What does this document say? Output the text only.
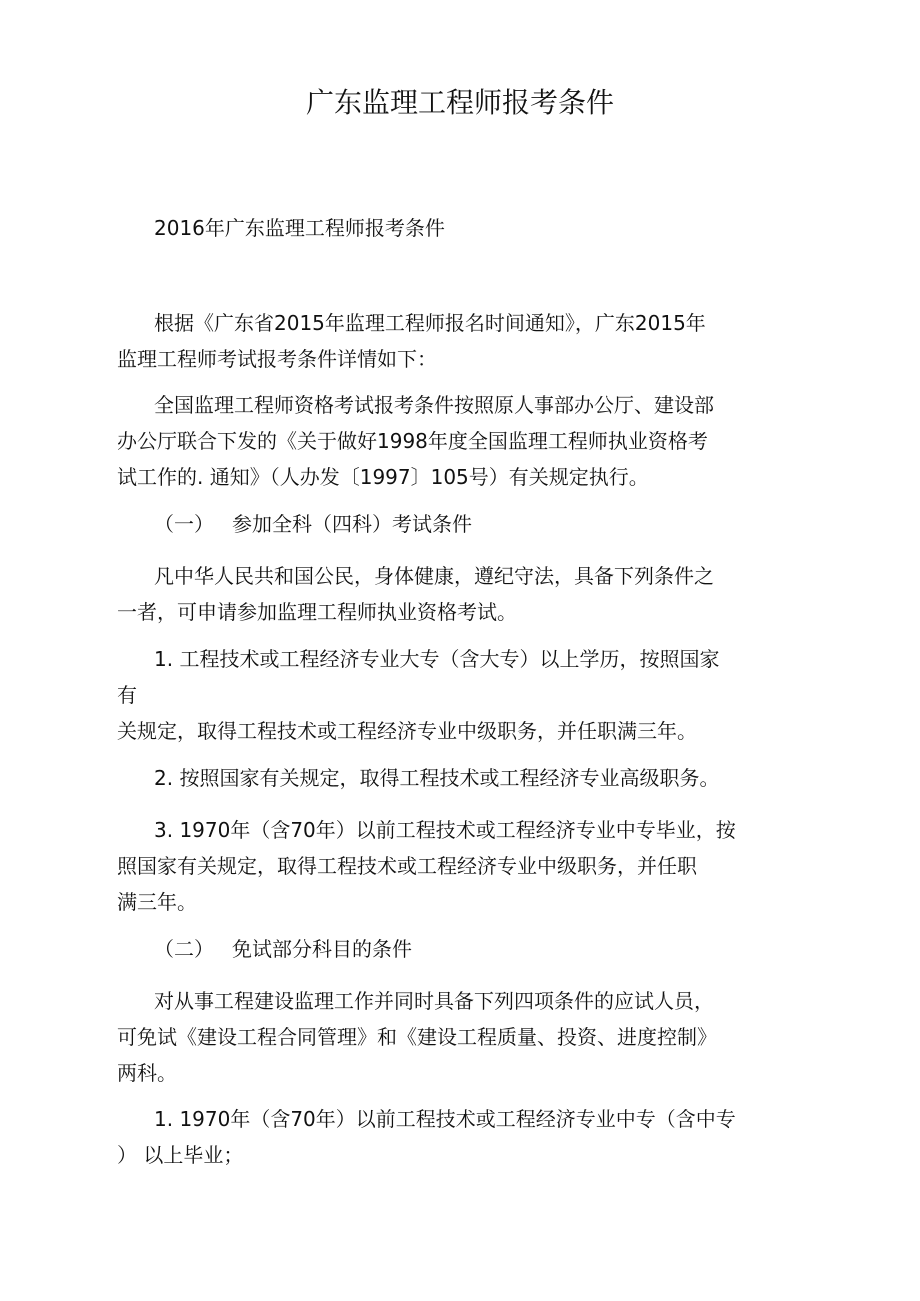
广东监理工程师报考条件
2016年广东监理工程师报考条件
根据《广东省2015年监理工程师报名时间通知》，广东2015年
监理工程师考试报考条件详情如下：
全国监理工程师资格考试报考条件按照原人事部办公厅、建设部
办公厅联合下发的《关于做好1998年度全国监理工程师执业资格考
试工作的. 通知》（人办发〔1997〕105号）有关规定执行。
（一） 参加全科（四科）考试条件
凡中华人民共和国公民，身体健康，遵纪守法，具备下列条件之
一者，可申请参加监理工程师执业资格考试。
1. 工程技术或工程经济专业大专（含大专）以上学历，按照国家
有
关规定，取得工程技术或工程经济专业中级职务，并任职满三年。
2. 按照国家有关规定，取得工程技术或工程经济专业高级职务。
3. 1970年（含70年）以前工程技术或工程经济专业中专毕业，按
照国家有关规定，取得工程技术或工程经济专业中级职务，并任职
满三年。
（二） 免试部分科目的条件
对从事工程建设监理工作并同时具备下列四项条件的应试人员，
可免试《建设工程合同管理》和《建设工程质量、投资、进度控制》
两科。
1. 1970年（含70年）以前工程技术或工程经济专业中专（含中专
） 以上毕业；
